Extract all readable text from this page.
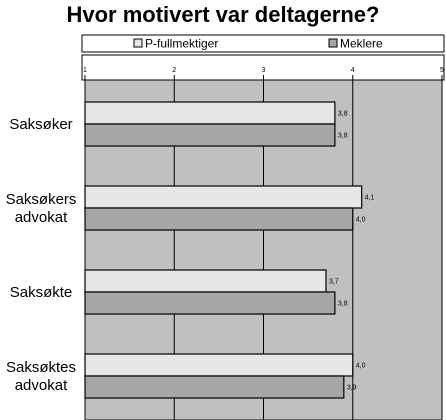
Hvor motivert var deltagerne?
P-fullmektiger	Meklere
1	2	3	4	5
3,8
3,8
4,1
4,0
3,7
3,8
4,0
3,9
Saksøker
Saksøkers advokat
Saksøkte
Saksøktes advokat
